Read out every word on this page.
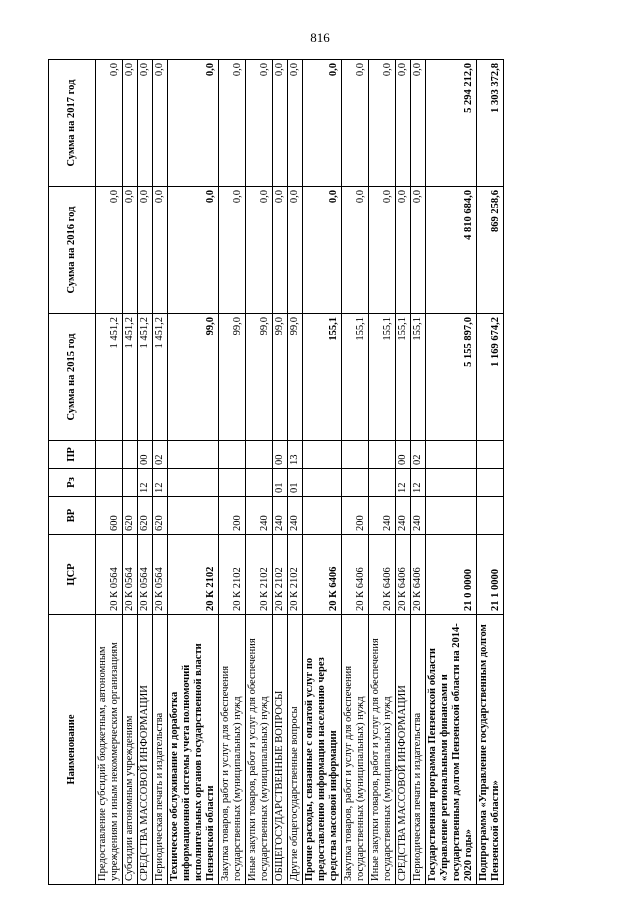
816
Наименование	ЦСР	ВР	Рз	ПР	Сумма на 2015 год	Сумма на 2016 год	Сумма на 2017 год
Предоставление субсидий бюджетным, автономным учреждениям и иным некоммерческим организациям	20 К 0564	600			1 451,2	0,0	0,0
Субсидии автономным учреждениям	20 К 0564	620			1 451,2	0,0	0,0
СРЕДСТВА МАССОВОЙ ИНФОРМАЦИИ	20 К 0564	620	12	00	1 451,2	0,0	0,0
Периодическая печать и издательства	20 К 0564	620	12	02	1 451,2	0,0	0,0
Техническое обслуживание и доработка информационной системы учета полномочий исполнительных органов государственной власти Пензенской области	20 К 2102				99,0	0,0	0,0
Закупка товаров, работ и услуг для обеспечения государственных (муниципальных) нужд	20 К 2102	200			99,0	0,0	0,0
Иные закупки товаров, работ и услуг для обеспечения государственных (муниципальных) нужд	20 К 2102	240			99,0	0,0	0,0
ОБЩЕГОСУДАРСТВЕННЫЕ ВОПРОСЫ	20 К 2102	240	01	00	99,0	0,0	0,0
Другие общегосударственные вопросы	20 К 2102	240	01	13	99,0	0,0	0,0
Прочие расходы, связанные с оплатой услуг по предоставлению информации населению через средства массовой информации	20 К 6406				155,1	0,0	0,0
Закупка товаров, работ и услуг для обеспечения государственных (муниципальных) нужд	20 К 6406	200			155,1	0,0	0,0
Иные закупки товаров, работ и услуг для обеспечения государственных (муниципальных) нужд	20 К 6406	240			155,1	0,0	0,0
СРЕДСТВА МАССОВОЙ ИНФОРМАЦИИ	20 К 6406	240	12	00	155,1	0,0	0,0
Периодическая печать и издательства	20 К 6406	240	12	02	155,1	0,0	0,0
Государственная программа Пензенской области «Управление региональными финансами и государственным долгом Пензенской области на 2014-2020 годы»	21 0 0000				5 155 897,0	4 810 684,0	5 294 212,0
Подпрограмма «Управление государственным долгом Пензенской области»	21 1 0000				1 169 674,2	869 258,6	1 303 372,8
